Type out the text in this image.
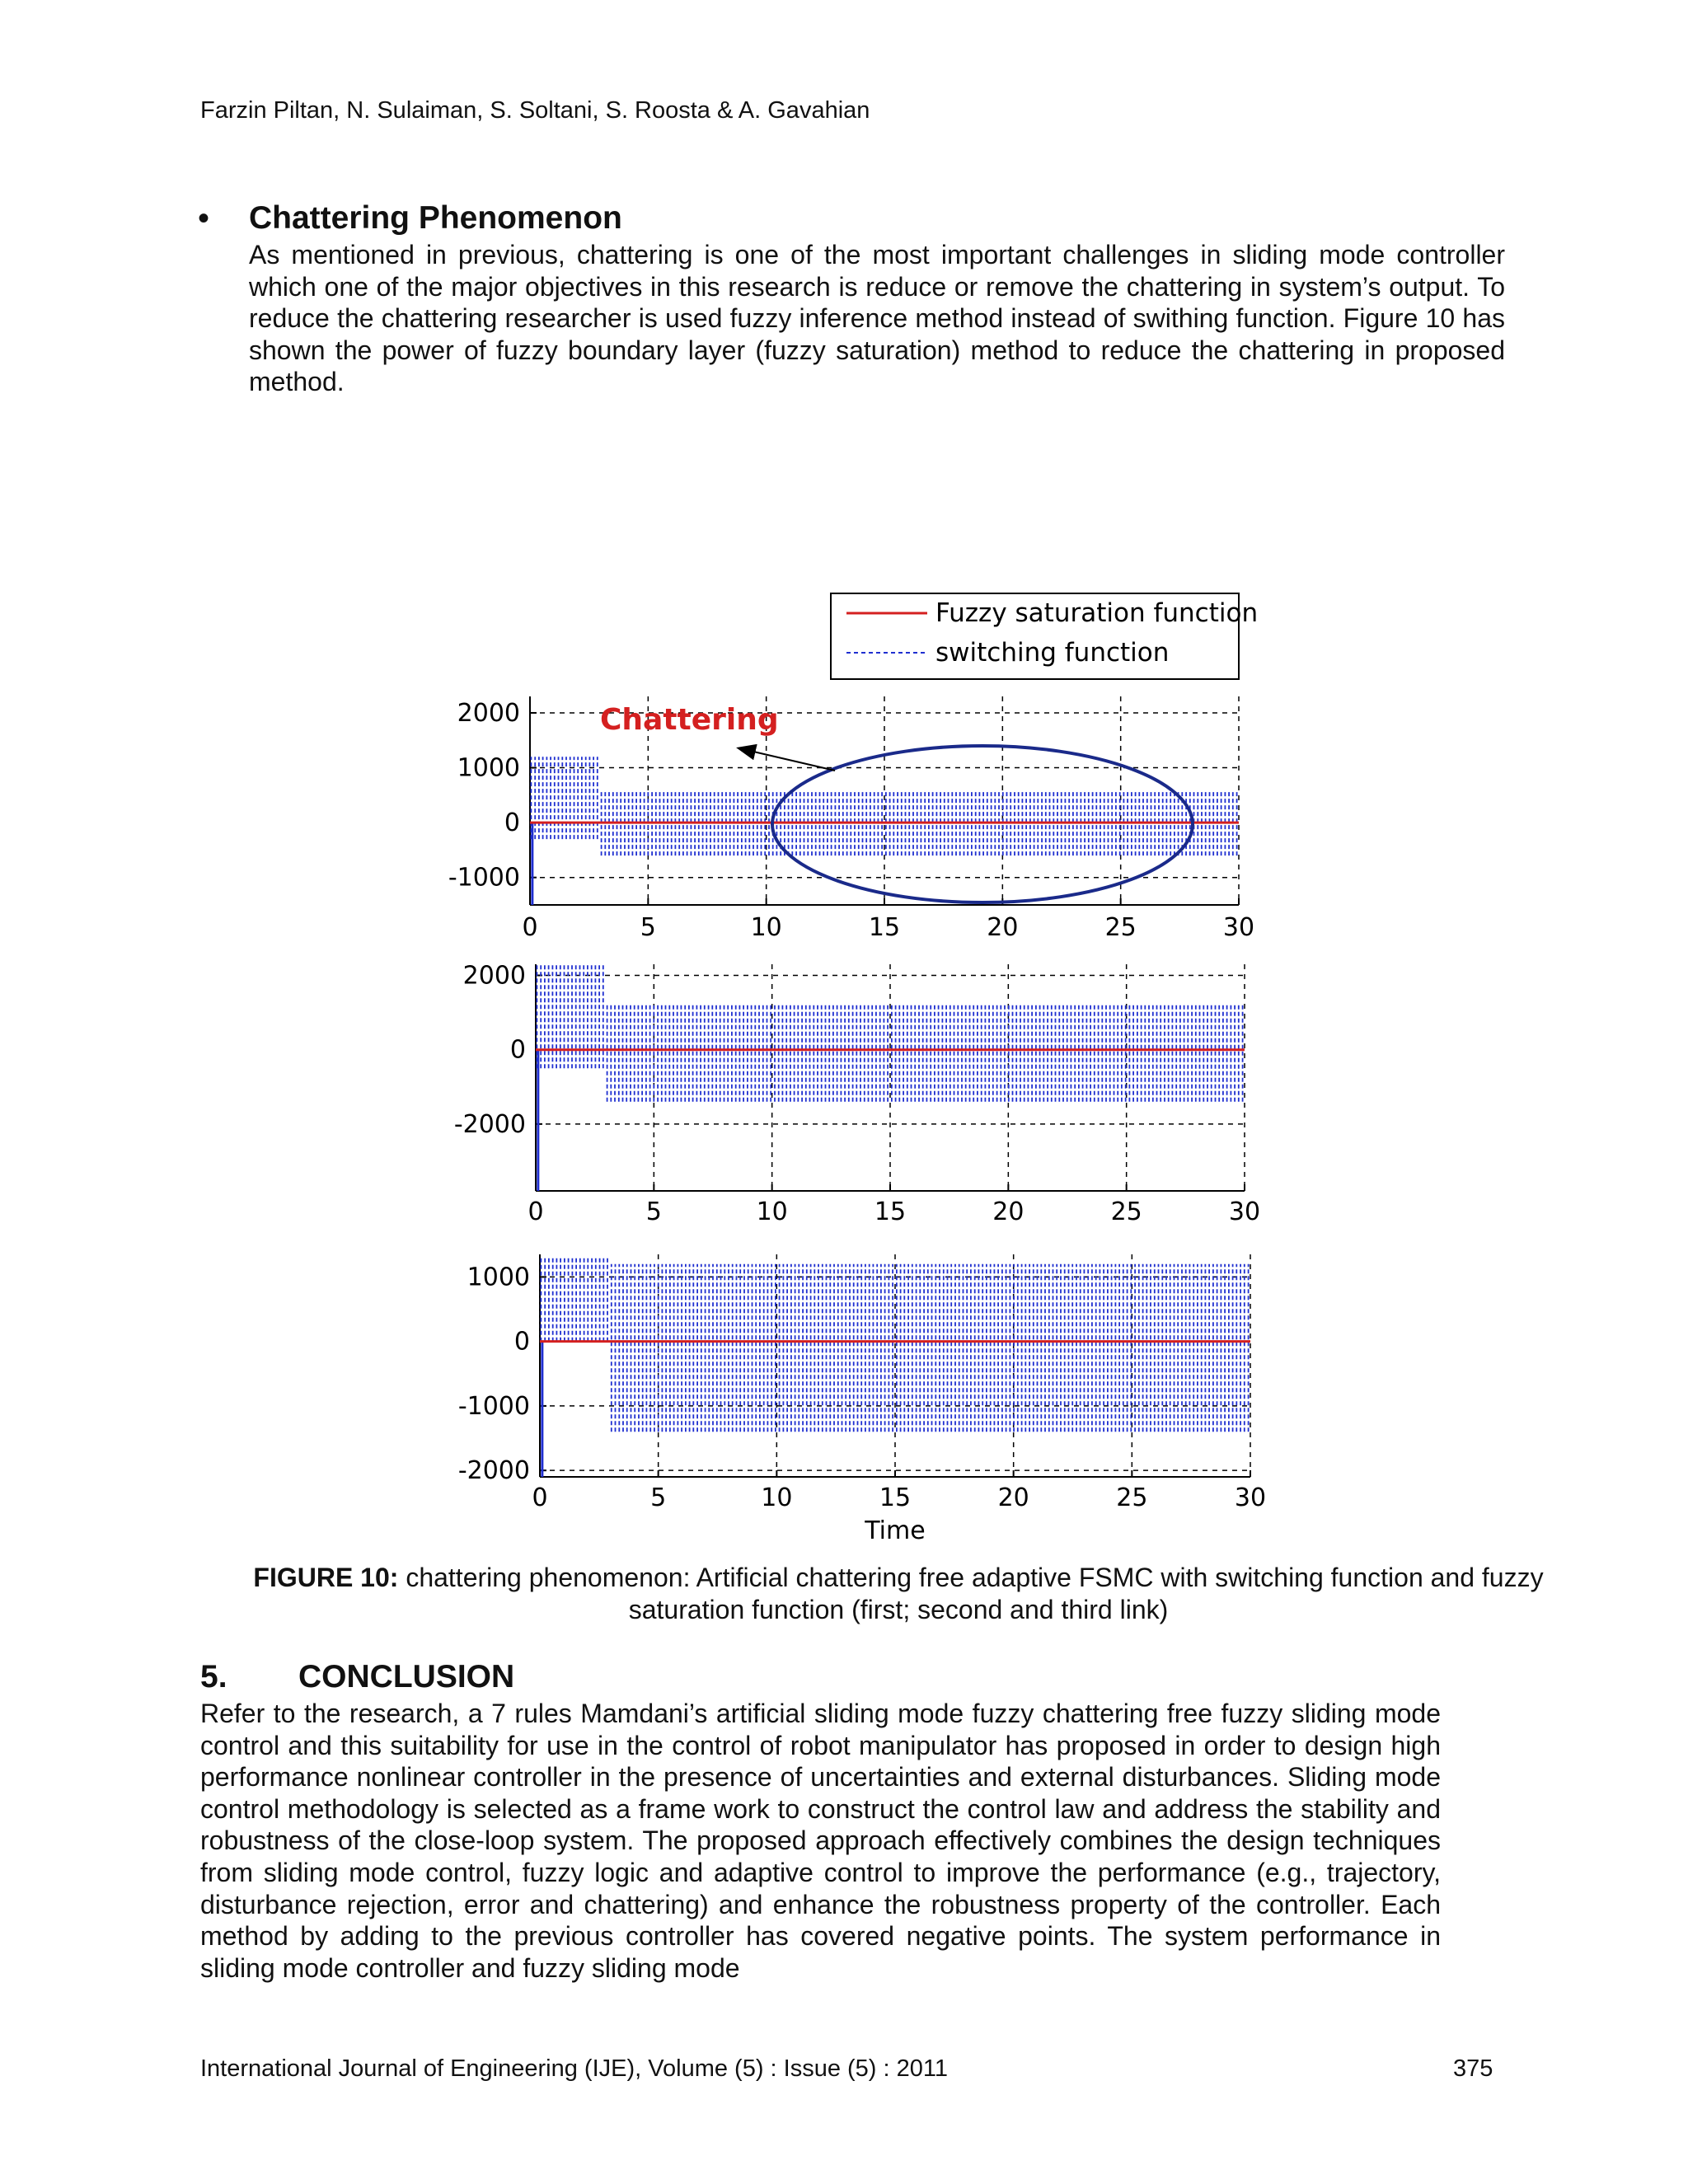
Farzin Piltan, N. Sulaiman, S. Soltani, S. Roosta & A. Gavahian
• Chattering Phenomenon
As mentioned in previous, chattering is one of the most important challenges in sliding mode controller which one of the major objectives in this research is reduce or remove the chattering in system’s output. To reduce the chattering researcher is used fuzzy inference method instead of swithing function. Figure 10 has shown the power of fuzzy boundary layer (fuzzy saturation) method to reduce the chattering in proposed method.
0	5	10	15	20	25	30
2000
1000
0
-1000
0	5	10	15	20	25	30
2000
0
-2000
0	5	10	15	20	25	30
1000
0
-1000
-2000
Time
Fuzzy saturation function
switching function
Chattering
FIGURE 10: chattering phenomenon: Artificial chattering free adaptive FSMC with switching function and fuzzy saturation function (first; second and third link)
5. CONCLUSION
Refer to the research, a 7 rules Mamdani’s artificial sliding mode fuzzy chattering free fuzzy sliding mode control and this suitability for use in the control of robot manipulator has proposed in order to design high performance nonlinear controller in the presence of uncertainties and external disturbances. Sliding mode control methodology is selected as a frame work to construct the control law and address the stability and robustness of the close-loop system. The proposed approach effectively combines the design techniques from sliding mode control, fuzzy logic and adaptive control to improve the performance (e.g., trajectory, disturbance rejection, error and chattering) and enhance the robustness property of the controller. Each method by adding to the previous controller has covered negative points. The system performance in sliding mode controller and fuzzy sliding mode
International Journal of Engineering (IJE), Volume (5) : Issue (5) : 2011	375
